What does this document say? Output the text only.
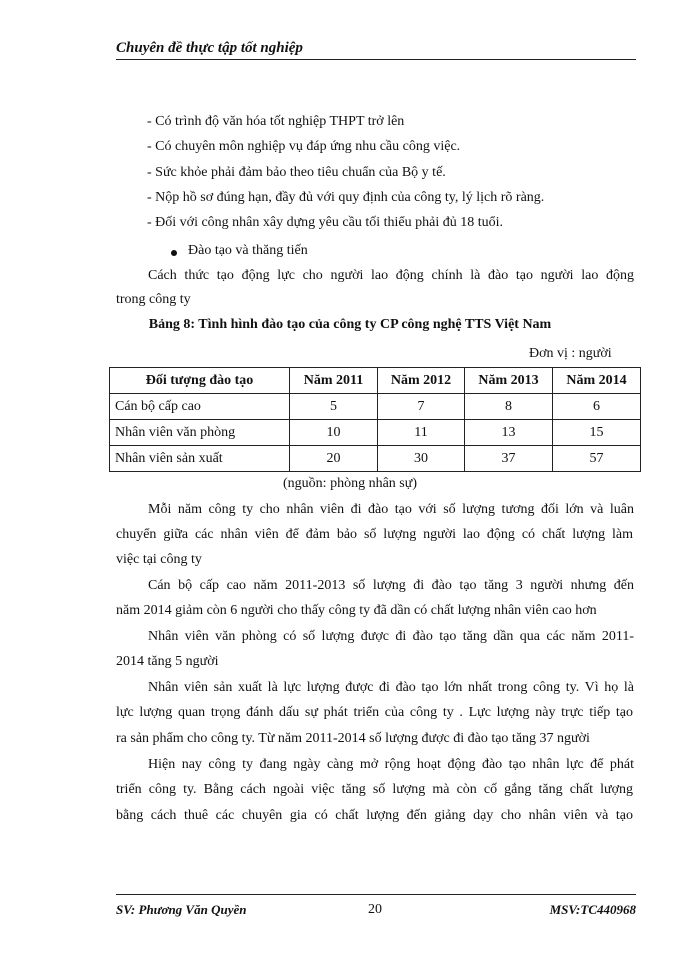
Chuyên đề thực tập tốt nghiệp
- Có trình độ văn hóa tốt nghiệp THPT trở lên
- Có chuyên môn nghiệp vụ đáp ứng nhu cầu công việc.
- Sức khỏe phải đảm bảo theo tiêu chuẩn của Bộ y tế.
- Nộp hồ sơ đúng hạn, đầy đủ với quy định của công ty, lý lịch rõ ràng.
- Đối với công nhân xây dựng yêu cầu tối thiểu phải đủ 18 tuổi.
Đào tạo và thăng tiến
Cách thức tạo động lực cho người lao động chính là đào tạo người lao động
trong công ty
Bảng 8: Tình hình đào tạo của công ty CP công nghệ TTS Việt Nam
Đơn vị : người
Đối tượng đào tạo	Năm 2011	Năm 2012	Năm 2013	Năm 2014
Cán bộ cấp cao	5	7	8	6
Nhân viên văn phòng	10	11	13	15
Nhân viên sản xuất	20	30	37	57
(nguồn: phòng nhân sự)
Mỗi năm công ty cho nhân viên đi đào tạo với số lượng tương đối lớn và luân
chuyển giữa các nhân viên để đảm bảo số lượng người lao động có chất lượng làm
việc tại công ty
Cán bộ cấp cao năm 2011-2013 số lượng đi đào tạo tăng 3 người nhưng đến
năm 2014 giảm còn 6 người cho thấy công ty đã dần có chất lượng nhân viên cao hơn
Nhân viên văn phòng có số lượng được đi đào tạo tăng dần qua các năm 2011-
2014 tăng 5 người
Nhân viên sản xuất là lực lượng được đi đào tạo lớn nhất trong công ty. Vì họ là
lực lượng quan trọng đánh dấu sự phát triển của công ty . Lực lượng này trực tiếp tạo
ra sản phẩm cho công ty. Từ năm 2011-2014 số lượng được đi đào tạo tăng 37 người
Hiện nay công ty đang ngày càng mở rộng hoạt động đào tạo nhân lực để phát
triển công ty. Bằng cách ngoài việc tăng số lượng mà còn cố gắng tăng chất lượng
bằng cách thuê các chuyên gia có chất lượng đến giảng dạy cho nhân viên và tạo
SV: Phương Văn Quyền	20	MSV:TC440968
